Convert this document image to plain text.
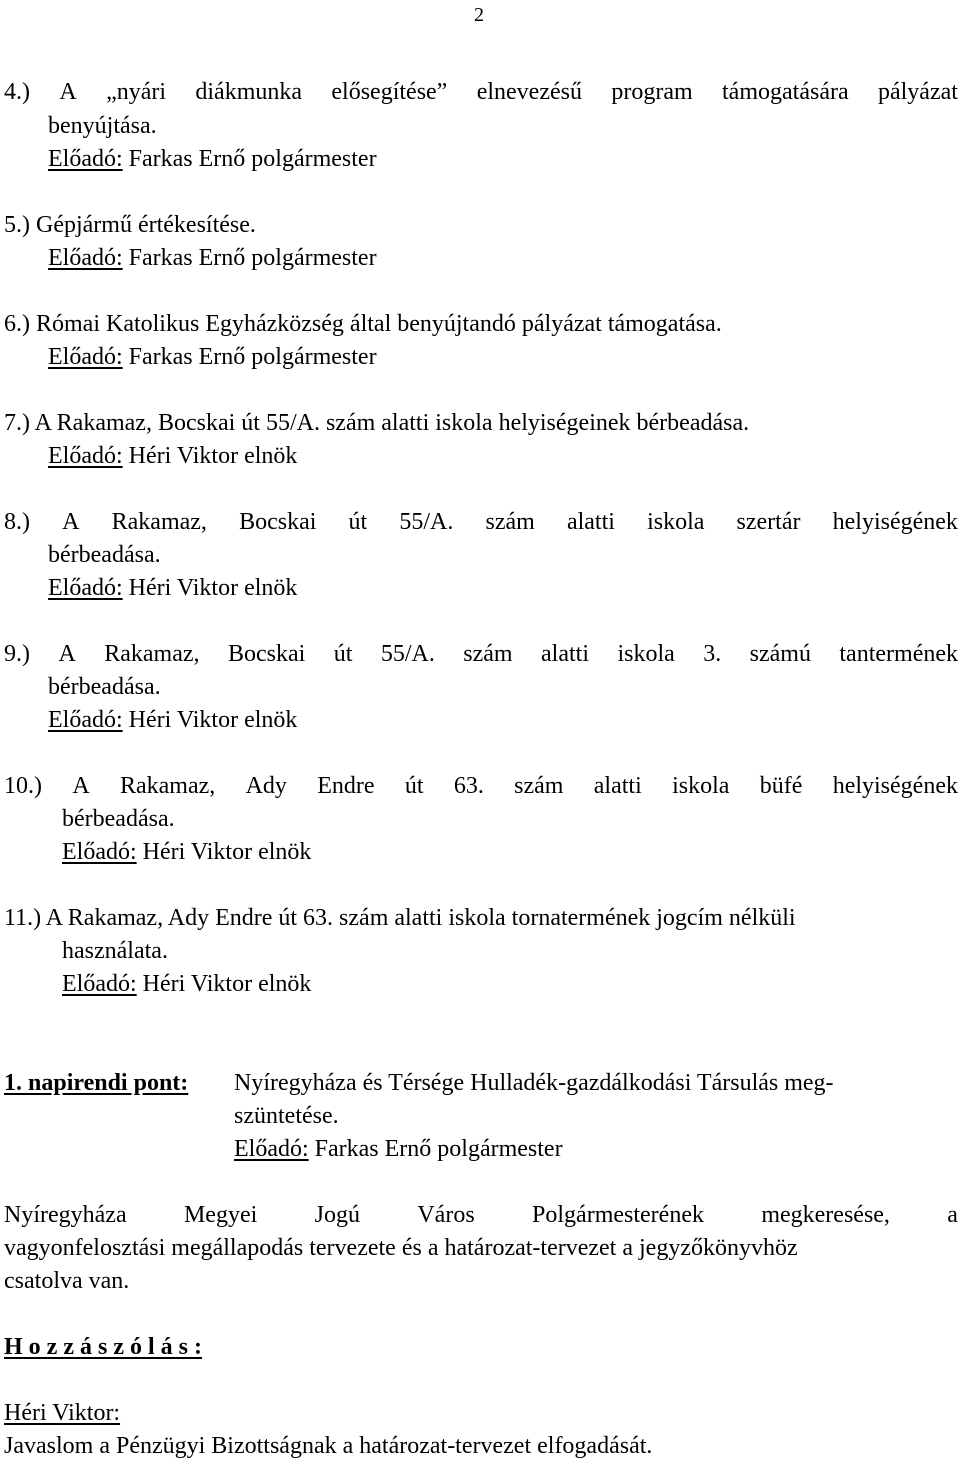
2
4.) A „nyári diákmunka elősegítése” elnevezésű program támogatására pályázat
benyújtása.
Előadó: Farkas Ernő polgármester
5.) Gépjármű értékesítése.
Előadó: Farkas Ernő polgármester
6.) Római Katolikus Egyházközség által benyújtandó pályázat támogatása.
Előadó: Farkas Ernő polgármester
7.) A Rakamaz, Bocskai út 55/A. szám alatti iskola helyiségeinek bérbeadása.
Előadó: Héri Viktor elnök
8.) A Rakamaz, Bocskai út 55/A. szám alatti iskola szertár helyiségének
bérbeadása.
Előadó: Héri Viktor elnök
9.) A Rakamaz, Bocskai út 55/A. szám alatti iskola 3. számú tantermének
bérbeadása.
Előadó: Héri Viktor elnök
10.) A Rakamaz, Ady Endre út 63. szám alatti iskola büfé helyiségének
bérbeadása.
Előadó: Héri Viktor elnök
11.) A Rakamaz, Ady Endre út 63. szám alatti iskola tornatermének jogcím nélküli
használata.
Előadó: Héri Viktor elnök
1. napirendi pont: Nyíregyháza és Térsége Hulladék-gazdálkodási Társulás meg-
szüntetése.
Előadó: Farkas Ernő polgármester
Nyíregyháza Megyei Jogú Város Polgármesterének megkeresése, a
vagyonfelosztási megállapodás tervezete és a határozat-tervezet a jegyzőkönyvhöz
csatolva van.
H o z z á s z ó l á s :
Héri Viktor:
Javaslom a Pénzügyi Bizottságnak a határozat-tervezet elfogadását.
